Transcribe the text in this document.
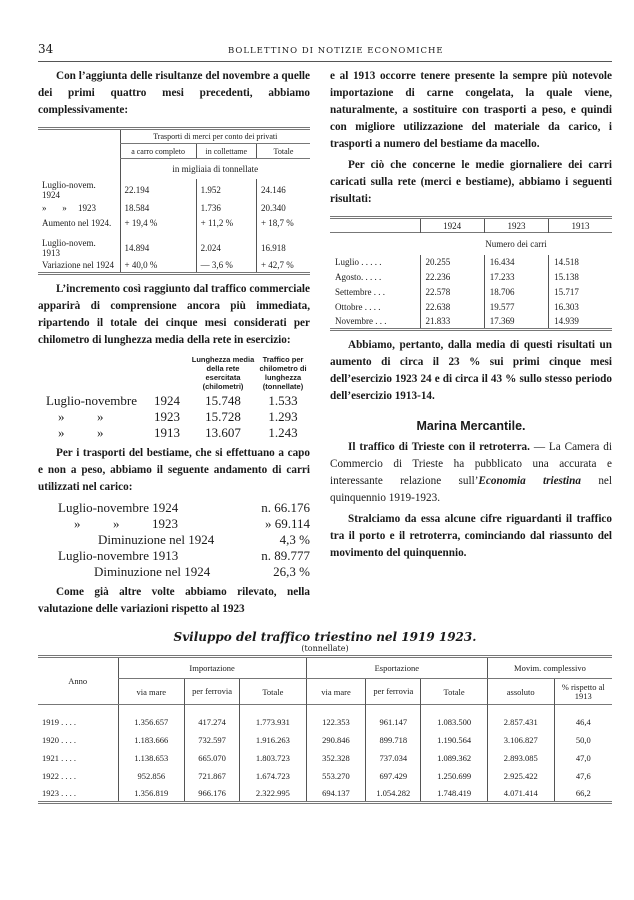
34	BOLLETTINO DI NOTIZIE ECONOMICHE
Con l’aggiunta delle risultanze del novembre a quelle dei primi quattro mesi precedenti, abbiamo complessivamente:
	Trasporti di merci per conto dei privati		
	a carro completo	in collettame	Totale
	in migliaia di tonnellate		
Luglio-novem. 1924	22.194	1.952	24.146
»       »     1923	18.584	1.736	20.340
Aumento nel 1924.	+ 19,4 %	+ 11,2 %	+ 18,7 %

Luglio-novem. 1913	14.894	2.024	16.918
Variazione nel 1924	+ 40,0 %	— 3,6 %	+ 42,7 %
L’incremento così raggiunto dal traffico commerciale apparirà di comprensione ancora più immediata, ripartendo il totale dei cinque mesi considerati per chilometro di lunghezza media della rete in esercizio:
Lunghezza media della rete esercitata (chilometri)
Traffico per chilometro di lunghezza (tonnellate)
Luglio-novembre	1924	15.748	1.533
»          »	1923	15.728	1.293
»          »	1913	13.607	1.243
Per i trasporti del bestiame, che si effettuano a capo e non a peso, abbiamo il seguente andamento di carri utilizzati nel carico:
Luglio-novembre 1924	n. 66.176
»          »          1923	» 69.114
Diminuzione nel 1924	4,3 %
Luglio-novembre 1913	n. 89.777
Diminuzione nel 1924	26,3 %
Come già altre volte abbiamo rilevato, nella valutazione delle variazioni rispetto al 1923
e al 1913 occorre tenere presente la sempre più notevole importazione di carne congelata, la quale viene, naturalmente, a sostituire con trasporti a peso, e quindi con migliore utilizzazione del materiale da carico, i trasporti a numero del bestiame da macello.
Per ciò che concerne le medie giornaliere dei carri caricati sulla rete (merci e bestiame), abbiamo i seguenti risultati:
	1924	1923	1913
	Numero dei carri		
Luglio . . . . .	20.255	16.434	14.518
Agosto. . . . .	22.236	17.233	15.138
Settembre . . .	22.578	18.706	15.717
Ottobre . . . .	22.638	19.577	16.303
Novembre . . .	21.833	17.369	14.939
Abbiamo, pertanto, dalla media di questi risultati un aumento di circa il 23 % sui primi cinque mesi dell’esercizio 1923 24 e di circa il 43 % sullo stesso periodo dell’esercizio 1913-14.
Marina Mercantile.
Il traffico di Trieste con il retroterra. — La Camera di Commercio di Trieste ha pubblicato una accurata e interessante relazione sull’Economia triestina nel quinquennio 1919-1923.
Stralciamo da essa alcune cifre riguardanti il traffico tra il porto e il retroterra, cominciando dal riassunto del movimento del quinquennio.
Sviluppo del traffico triestino nel 1919 1923.
(tonnellate)
Anno	Importazione			Esportazione			Movim. complessivo	
	via mare	per ferrovia	Totale	via mare	per ferrovia	Totale	assoluto	% rispetto al 1913

1919 . . . .	1.356.657	417.274	1.773.931	122.353	961.147	1.083.500	2.857.431	46,4
1920 . . . .	1.183.666	732.597	1.916.263	290.846	899.718	1.190.564	3.106.827	50,0
1921 . . . .	1.138.653	665.070	1.803.723	352.328	737.034	1.089.362	2.893.085	47,0
1922 . . . .	952.856	721.867	1.674.723	553.270	697.429	1.250.699	2.925.422	47,6
1923 . . . .	1.356.819	966.176	2.322.995	694.137	1.054.282	1.748.419	4.071.414	66,2
